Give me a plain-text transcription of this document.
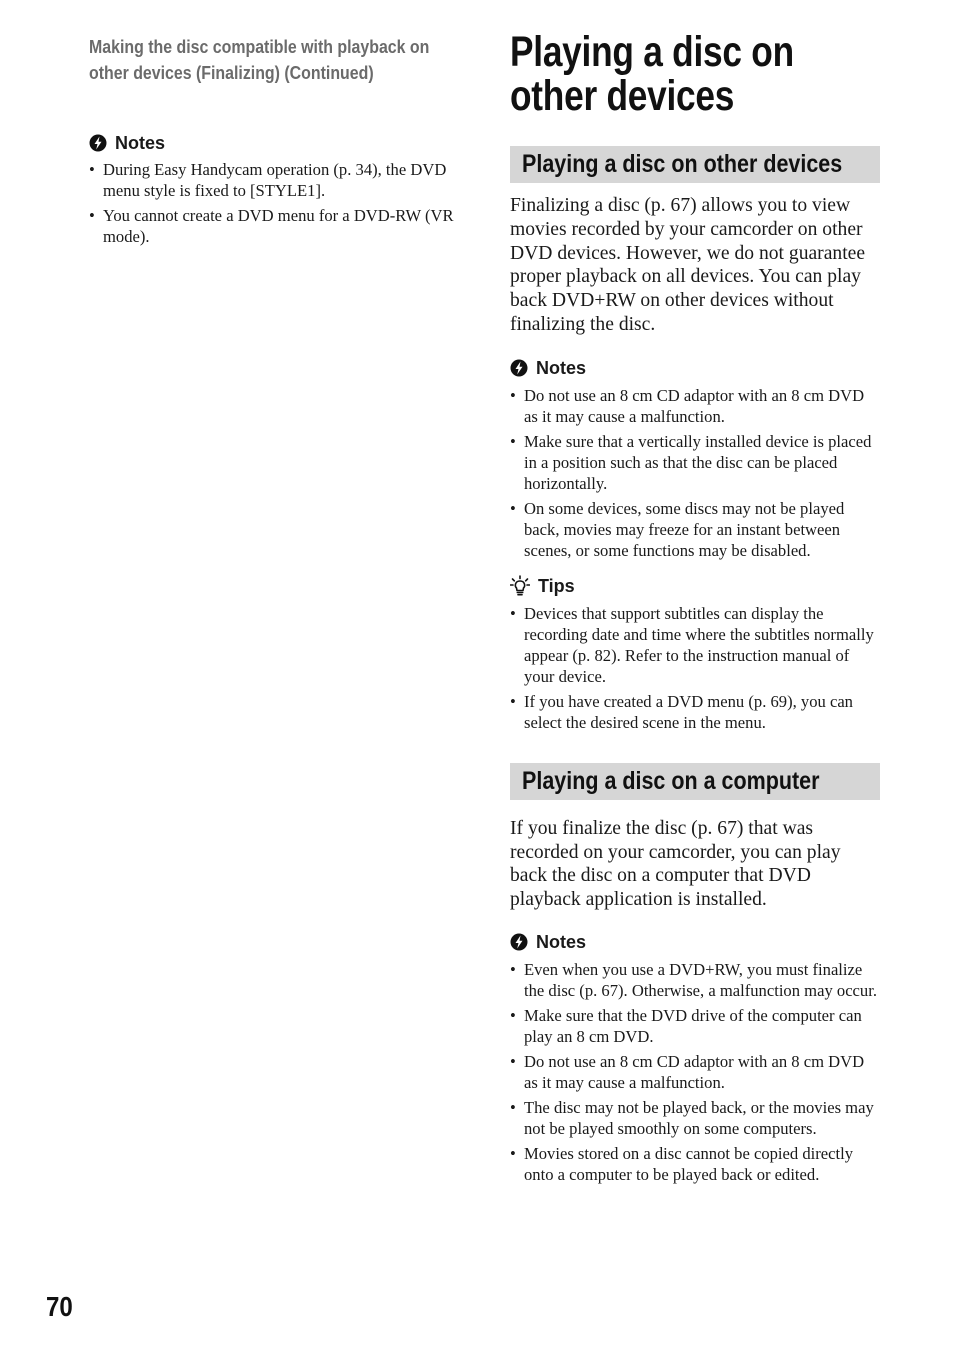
Making the disc compatible with playback on other devices (Finalizing) (Continued)

Notes
• During Easy Handycam operation (p. 34), the DVD menu style is fixed to [STYLE1].
• You cannot create a DVD menu for a DVD-RW (VR mode).
Playing a disc on other devices
Playing a disc on other devices

Finalizing a disc (p. 67) allows you to view movies recorded by your camcorder on other DVD devices. However, we do not guarantee proper playback on all devices. You can play back DVD+RW on other devices without finalizing the disc.

Notes
• Do not use an 8 cm CD adaptor with an 8 cm DVD as it may cause a malfunction.
• Make sure that a vertically installed device is placed in a position such as that the disc can be placed horizontally.
• On some devices, some discs may not be played back, movies may freeze for an instant between scenes, or some functions may be disabled.
Tips
• Devices that support subtitles can display the recording date and time where the subtitles normally appear (p. 82). Refer to the instruction manual of your device.
• If you have created a DVD menu (p. 69), you can select the desired scene in the menu.
Playing a disc on a computer

If you finalize the disc (p. 67) that was recorded on your camcorder, you can play back the disc on a computer that DVD playback application is installed.

Notes
• Even when you use a DVD+RW, you must finalize the disc (p. 67). Otherwise, a malfunction may occur.
• Make sure that the DVD drive of the computer can play an 8 cm DVD.
• Do not use an 8 cm CD adaptor with an 8 cm DVD as it may cause a malfunction.
• The disc may not be played back, or the movies may not be played smoothly on some computers.
• Movies stored on a disc cannot be copied directly onto a computer to be played back or edited.
70
